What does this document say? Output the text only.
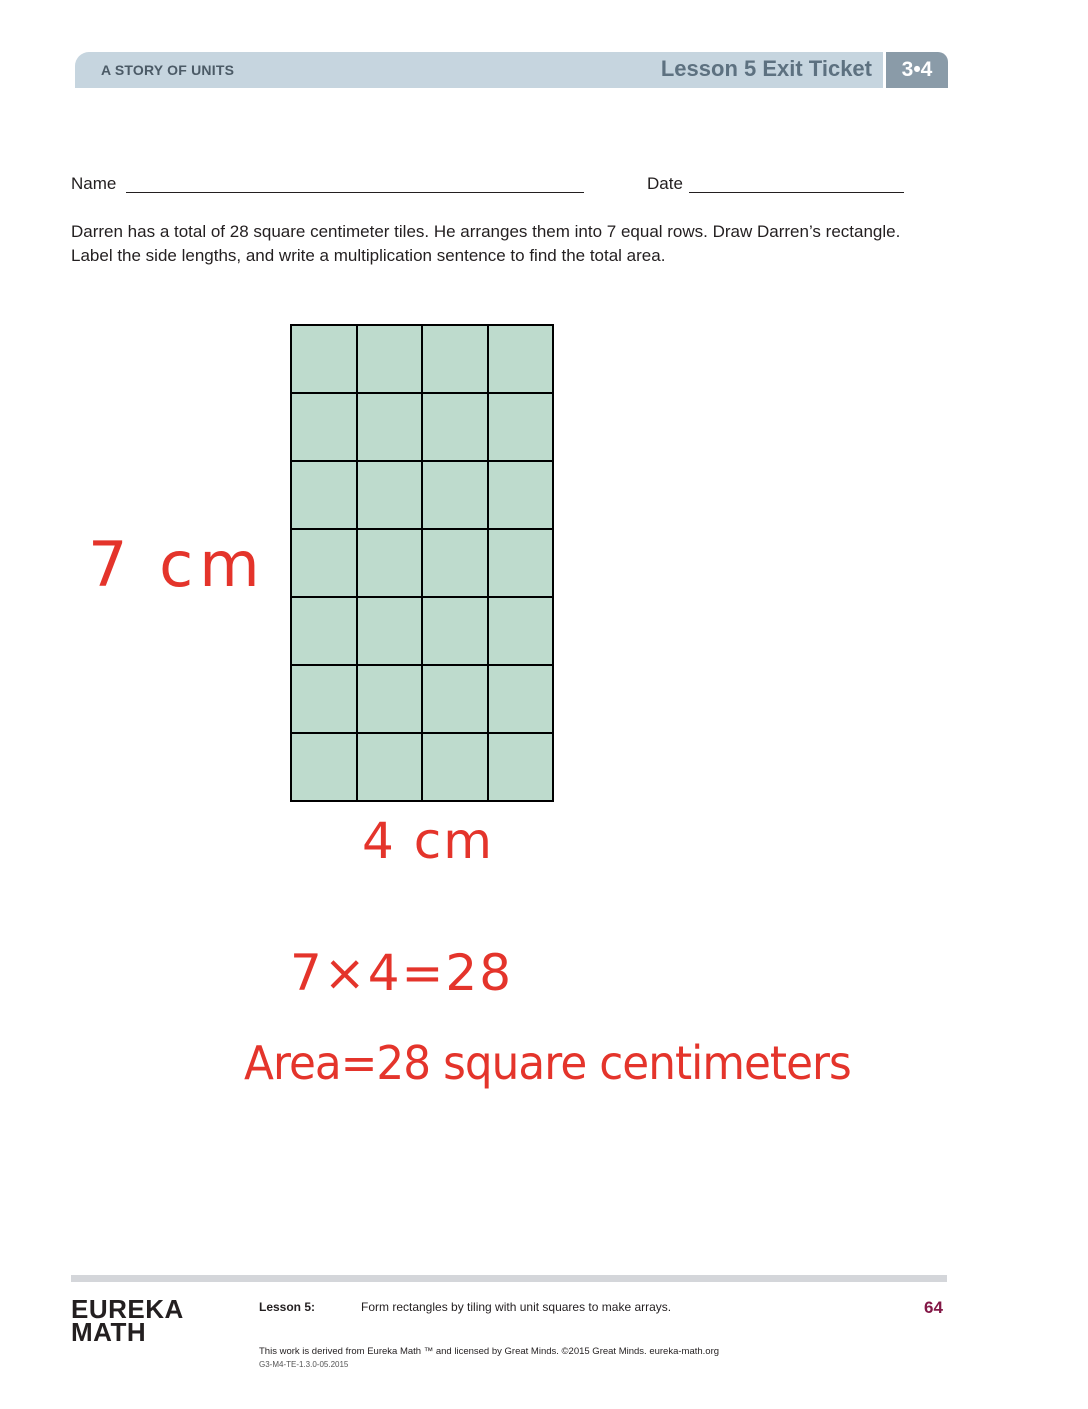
A STORY OF UNITS	Lesson 5 Exit Ticket	3•4
Name	Date
Darren has a total of 28 square centimeter tiles. He arranges them into 7 equal rows. Draw Darren’s rectangle. Label the side lengths, and write a multiplication sentence to find the total area.
7 cm
4 cm
7×4=28
Area=28 square centimeters
EUREKA
MATH
Lesson 5:	Form rectangles by tiling with unit squares to make arrays.	64
This work is derived from Eureka Math ™ and licensed by Great Minds. ©2015 Great Minds. eureka-math.org
G3-M4-TE-1.3.0-05.2015
